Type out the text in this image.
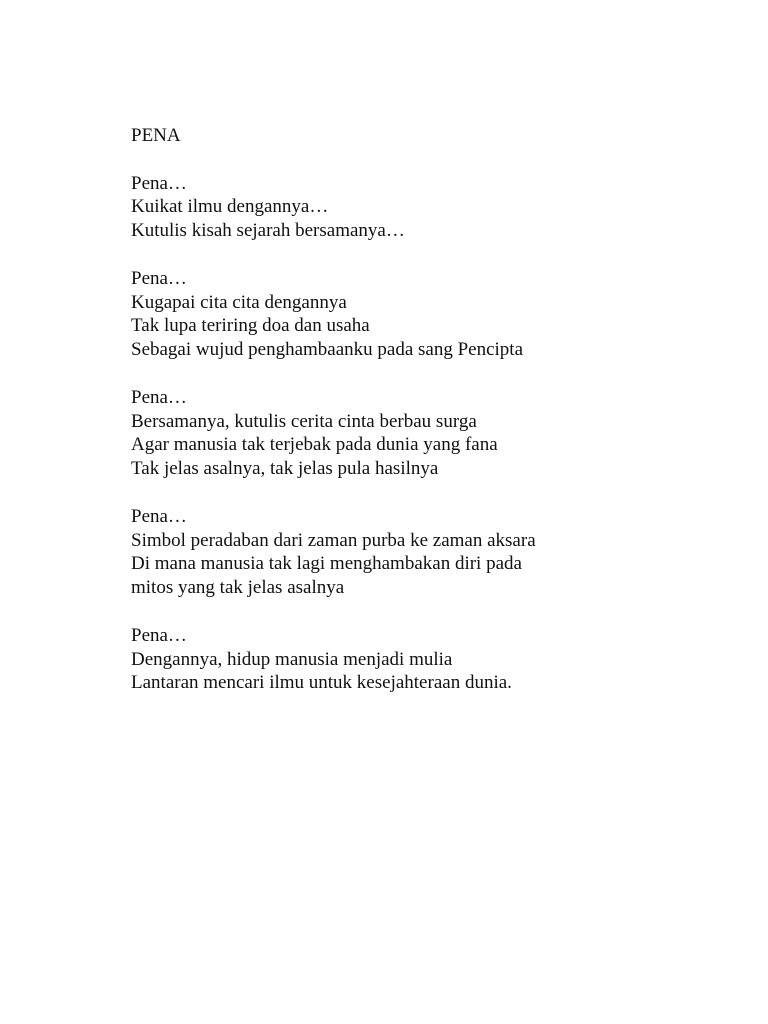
PENA
Pena…
Kuikat ilmu dengannya…
Kutulis kisah sejarah bersamanya…
Pena…
Kugapai cita cita dengannya
Tak lupa teriring doa dan usaha
Sebagai wujud penghambaanku pada sang Pencipta
Pena…
Bersamanya, kutulis cerita cinta berbau surga
Agar manusia tak terjebak pada dunia yang fana
Tak jelas asalnya, tak jelas pula hasilnya
Pena…
Simbol peradaban dari zaman purba ke zaman aksara
Di mana manusia tak lagi menghambakan diri pada
mitos yang tak jelas asalnya
Pena…
Dengannya, hidup manusia menjadi mulia
Lantaran mencari ilmu untuk kesejahteraan dunia.
